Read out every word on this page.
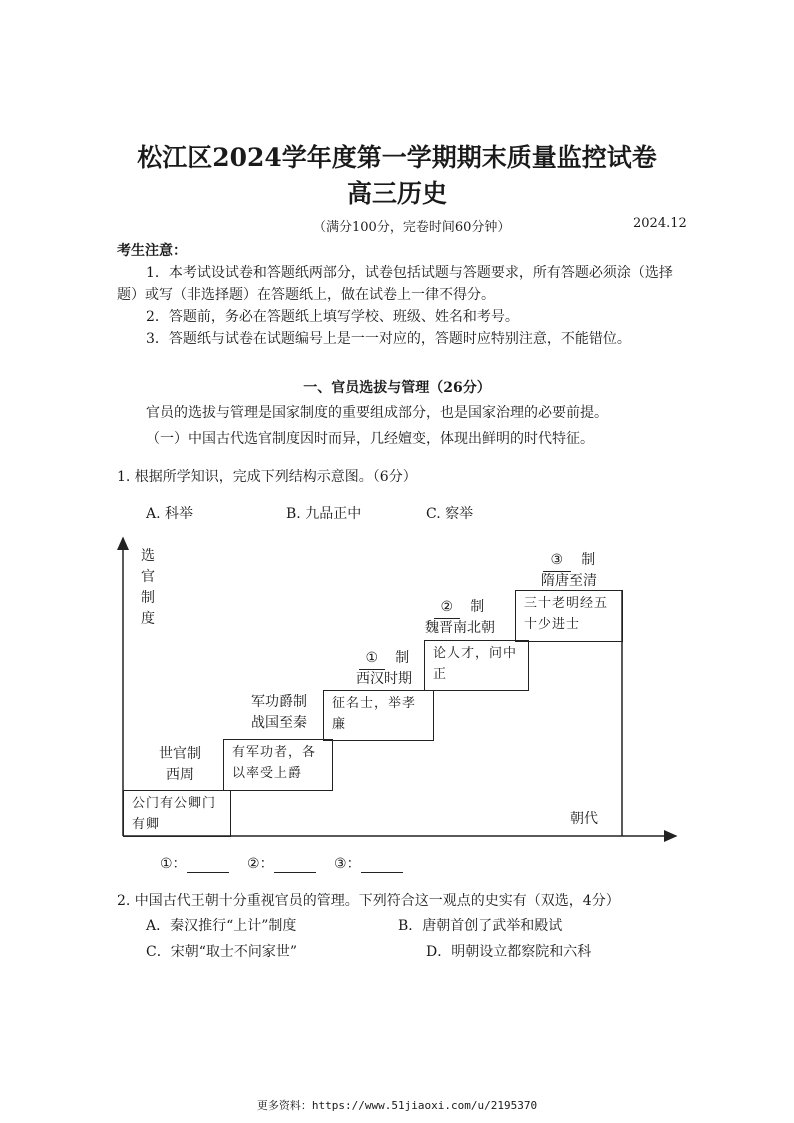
松江区2024学年度第一学期期末质量监控试卷
高三历史
（满分100分，完卷时间60分钟）	2024.12
考生注意：
1．本考试设试卷和答题纸两部分，试卷包括试题与答题要求，所有答题必须涂（选择
题）或写（非选择题）在答题纸上，做在试卷上一律不得分。
2．答题前，务必在答题纸上填写学校、班级、姓名和考号。
3．答题纸与试卷在试题编号上是一一对应的，答题时应特别注意，不能错位。
一、官员选拔与管理（26分）
官员的选拔与管理是国家制度的重要组成部分，也是国家治理的必要前提。
（一）中国古代选官制度因时而异，几经嬗变，体现出鲜明的时代特征。
1. 根据所学知识，完成下列结构示意图。（6分）
A. 科举	B. 九品正中	C. 察举
选官制度
朝代
公门有公卿门有卿
世官制
西周
有军功者，各以率受上爵
军功爵制
战国至秦
征名士，举孝廉
① 制
西汉时期
论人才，问中正
② 制
魏晋南北朝
三十老明经五十少进士
③ 制
隋唐至清
①：	②：	③：
2. 中国古代王朝十分重视官员的管理。下列符合这一观点的史实有（双选，4分）
A．秦汉推行“上计”制度	B．唐朝首创了武举和殿试
C．宋朝“取士不问家世”	D．明朝设立都察院和六科
更多资料：https://www.51jiaoxi.com/u/2195370
